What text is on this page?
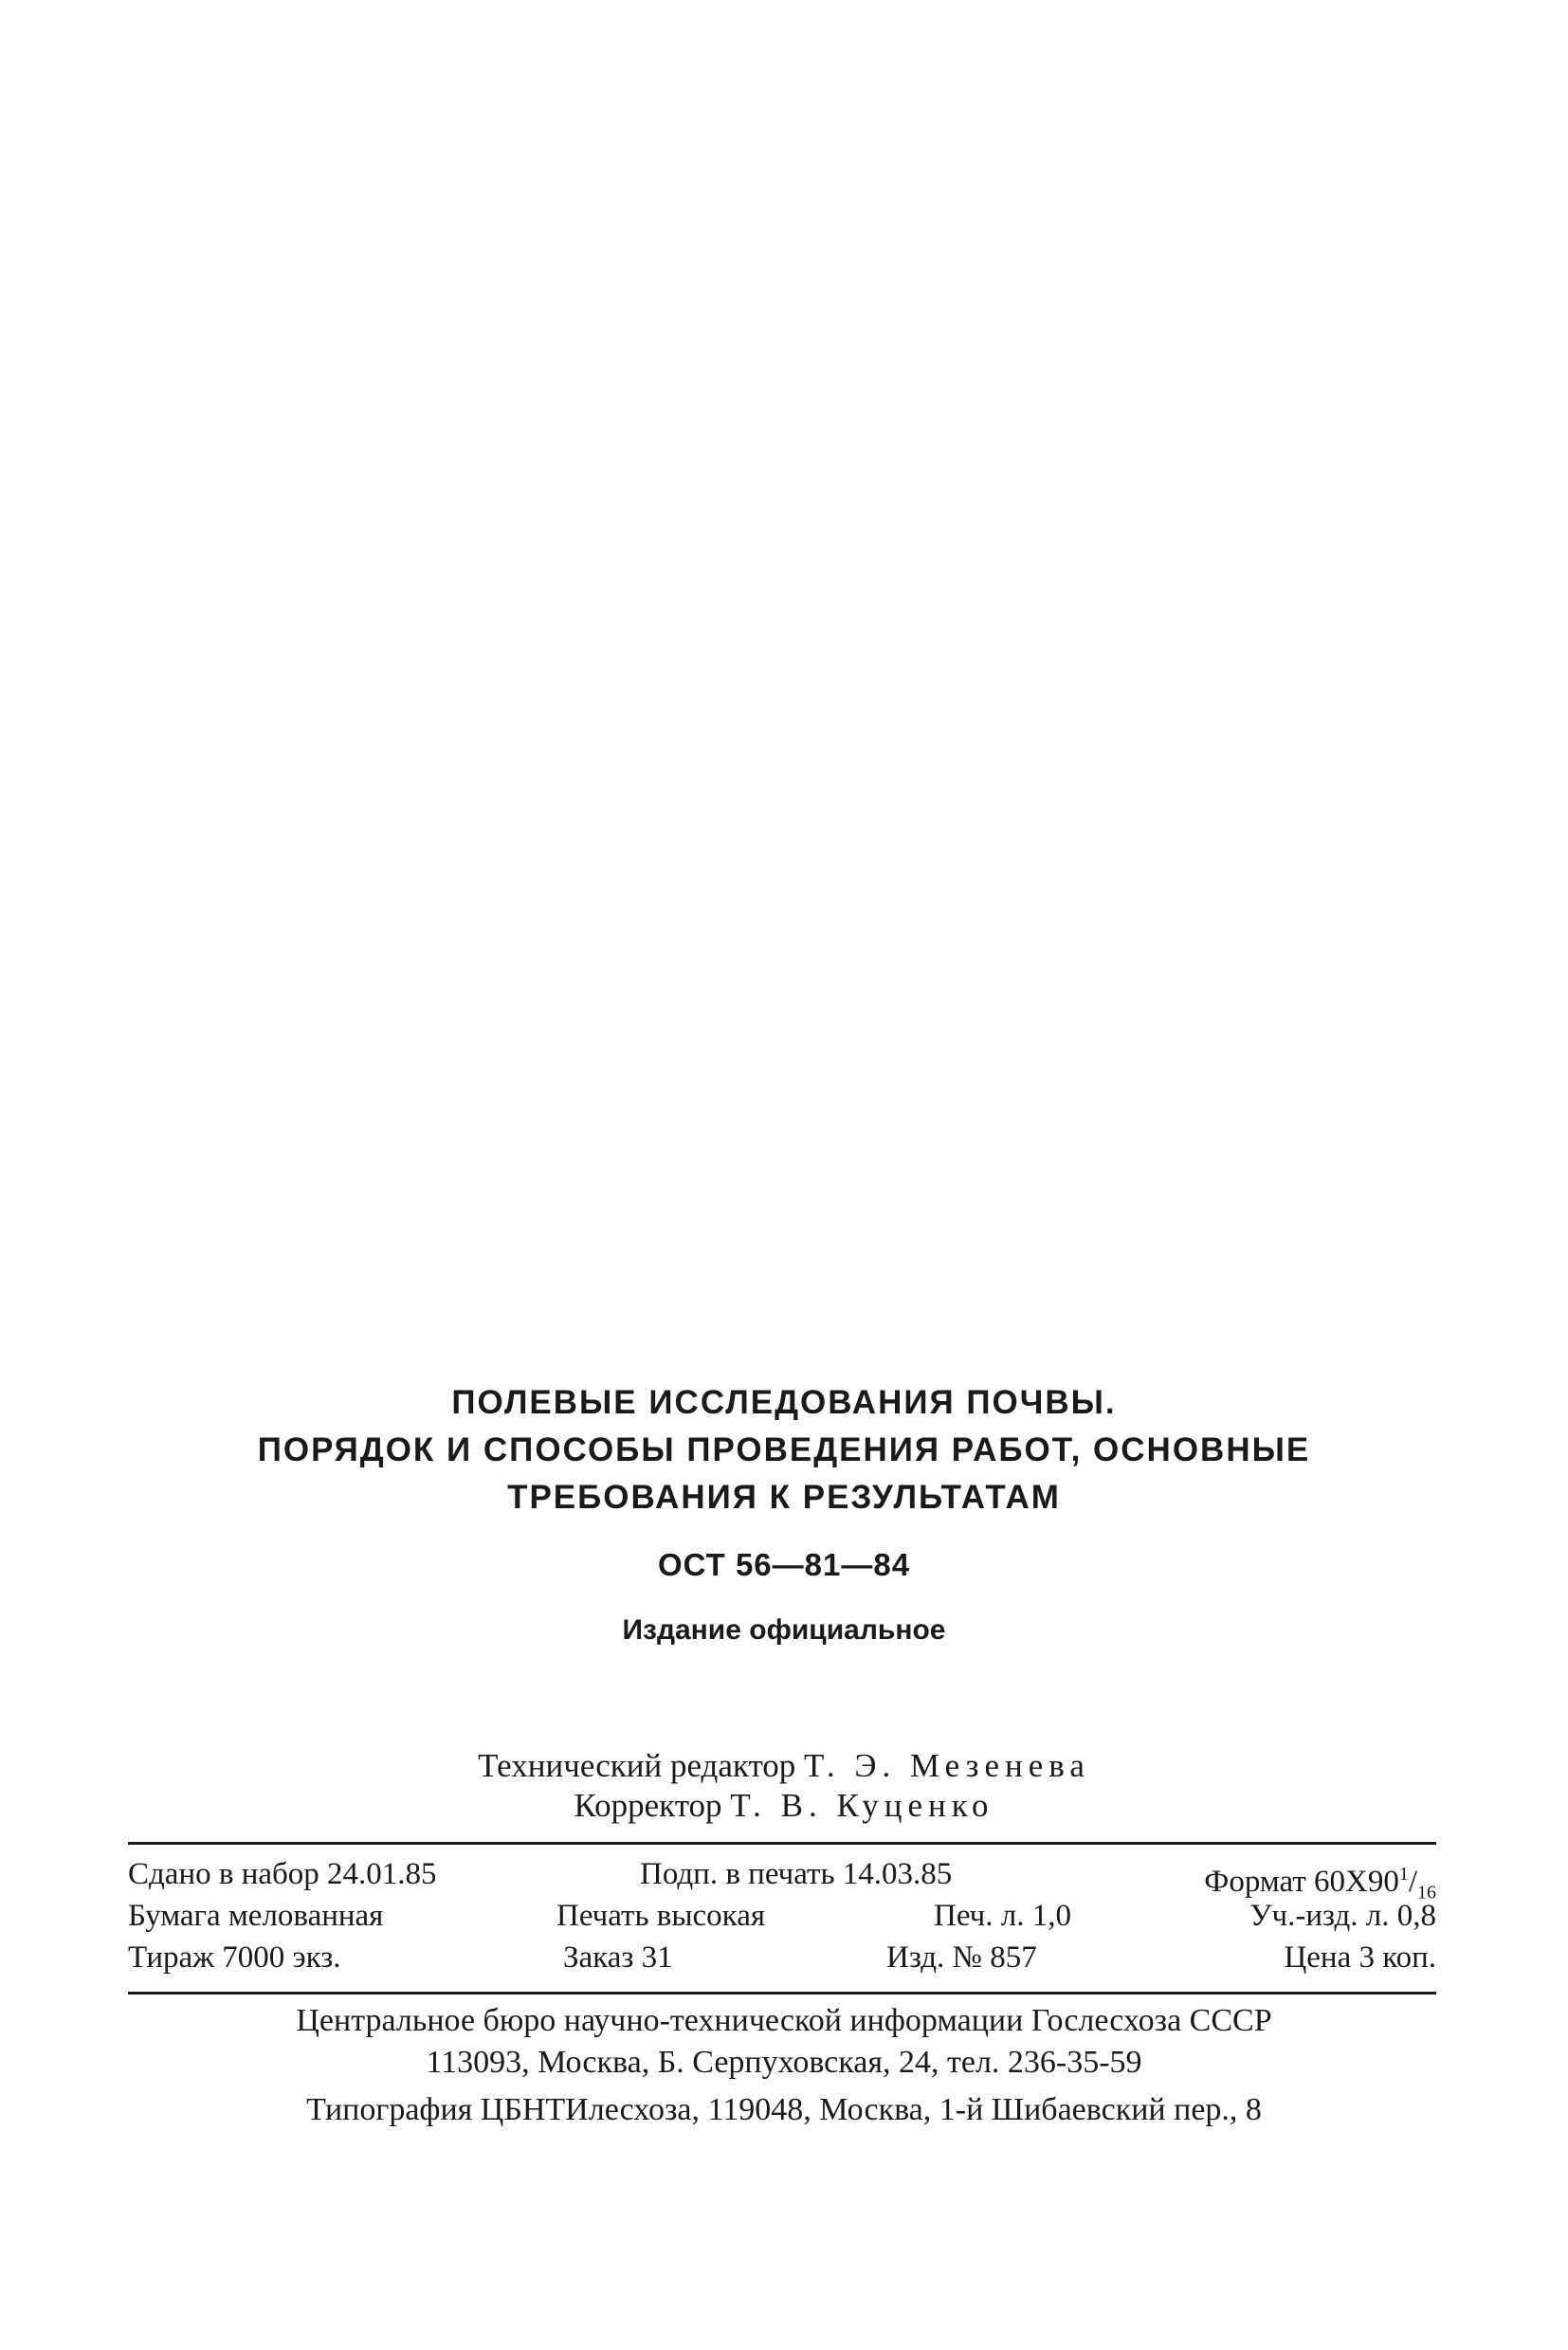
ПОЛЕВЫЕ ИССЛЕДОВАНИЯ ПОЧВЫ.
ПОРЯДОК И СПОСОБЫ ПРОВЕДЕНИЯ РАБОТ, ОСНОВНЫЕ
ТРЕБОВАНИЯ К РЕЗУЛЬТАТАМ
ОСТ 56—81—84
Издание официальное
Технический редактор Т. Э. Мезенева
Корректор Т. В. Куценко
Сдано в набор 24.01.85	Подп. в печать 14.03.85	Формат $60X90^1/_{16}$
Бумага мелованная	Печать высокая	Печ. л. 1,0	Уч.-изд. л. 0,8
Тираж 7000 экз.	Заказ 31	Изд. № 857	Цена 3 коп.
Центральное бюро научно-технической информации Гослесхоза СССР
113093, Москва, Б. Серпуховская, 24, тел. 236-35-59
Типография ЦБНТИлесхоза, 119048, Москва, 1-й Шибаевский пер., 8
